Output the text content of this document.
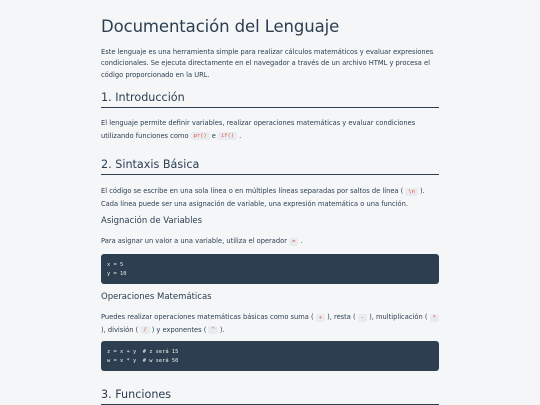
Documentación del Lenguaje

Este lenguaje es una herramienta simple para realizar cálculos matemáticos y evaluar expresiones condicionales. Se ejecuta directamente en el navegador a través de un archivo HTML y procesa el código proporcionado en la URL.

1. Introducción

El lenguaje permite definir variables, realizar operaciones matemáticas y evaluar condiciones utilizando funciones como pr() e if() .

2. Sintaxis Básica

El código se escribe en una sola línea o en múltiples líneas separadas por saltos de línea ( \n ). Cada línea puede ser una asignación de variable, una expresión matemática o una función.

Asignación de Variables

Para asignar un valor a una variable, utiliza el operador = .

x = 5
y = 10
Operaciones Matemáticas

Puedes realizar operaciones matemáticas básicas como suma ( + ), resta ( - ), multiplicación ( * ), división ( / ) y exponentes ( ^ ).

z = x + y  # z será 15
w = x * y  # w será 50
3. Funciones
